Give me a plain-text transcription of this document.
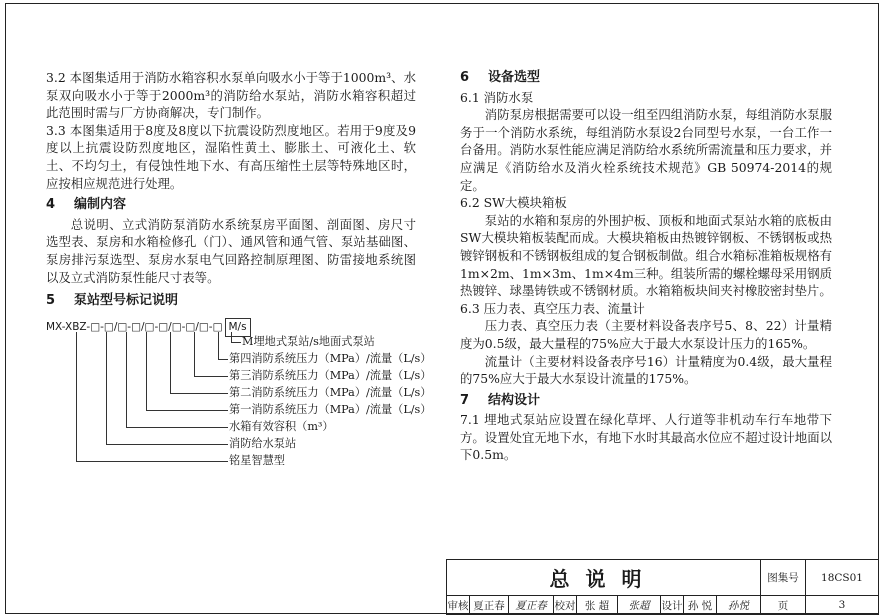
3.2 本图集适用于消防水箱容积水泵单向吸水小于等于1000m³、水泵双向吸水小于等于2000m³的消防给水泵站，消防水箱容积超过此范围时需与厂方协商解决，专门制作。

3.3 本图集适用于8度及8度以下抗震设防烈度地区。若用于9度及9度以上抗震设防烈度地区，湿陷性黄土、膨胀土、可液化土、软土、不均匀土，有侵蚀性地下水、有高压缩性土层等特殊地区时，应按相应规范进行处理。

4 编制内容

总说明、立式消防泵消防水系统泵房平面图、剖面图、房尺寸选型表、泵房和水箱检修孔（门）、通风管和通气管、泵站基础图、泵房排污泵选型、泵房水泵电气回路控制原理图、防雷接地系统图以及立式消防泵性能尺寸表等。

5 泵站型号标记说明
MX-XBZ-□-□/□-□/□-□/□-□/□-□ M/s
M埋地式泵站/s地面式泵站
第四消防系统压力（MPa）/流量（L/s）
第三消防系统压力（MPa）/流量（L/s）
第二消防系统压力（MPa）/流量（L/s）
第一消防系统压力（MPa）/流量（L/s）
水箱有效容积（m³）
消防给水泵站
铭星智慧型
6 设备选型

6.1 消防水泵

消防泵房根据需要可以设一组至四组消防水泵，每组消防水泵服务于一个消防水系统，每组消防水泵设2台同型号水泵，一台工作一台备用。消防水泵性能应满足消防给水系统所需流量和压力要求，并应满足《消防给水及消火栓系统技术规范》GB 50974-2014的规定。

6.2 SW大模块箱板

泵站的水箱和泵房的外围护板、顶板和地面式泵站水箱的底板由SW大模块箱板装配而成。大模块箱板由热镀锌钢板、不锈钢板或热镀锌钢板和不锈钢板组成的复合钢板制做。组合水箱标准箱板规格有1m×2m、1m×3m、1m×4m三种。组装所需的螺栓螺母采用钢质热镀锌、球墨铸铁或不锈钢材质。水箱箱板块间夹衬橡胶密封垫片。

6.3 压力表、真空压力表、流量计

压力表、真空压力表（主要材料设备表序号5、8、22）计量精度为0.5级，最大量程的75%应大于最大水泵设计压力的165%。

流量计（主要材料设备表序号16）计量精度为0.4级，最大量程的75%应大于最大水泵设计流量的175%。

7 结构设计

7.1 埋地式泵站应设置在绿化草坪、人行道等非机动车行车地带下方。设置处宜无地下水，有地下水时其最高水位应不超过设计地面以下0.5m。

总说明									图集号	18CS01
审核	夏正春	夏正春	校对	张 超	张超	设计	孙 悦	孙悦	页	3
